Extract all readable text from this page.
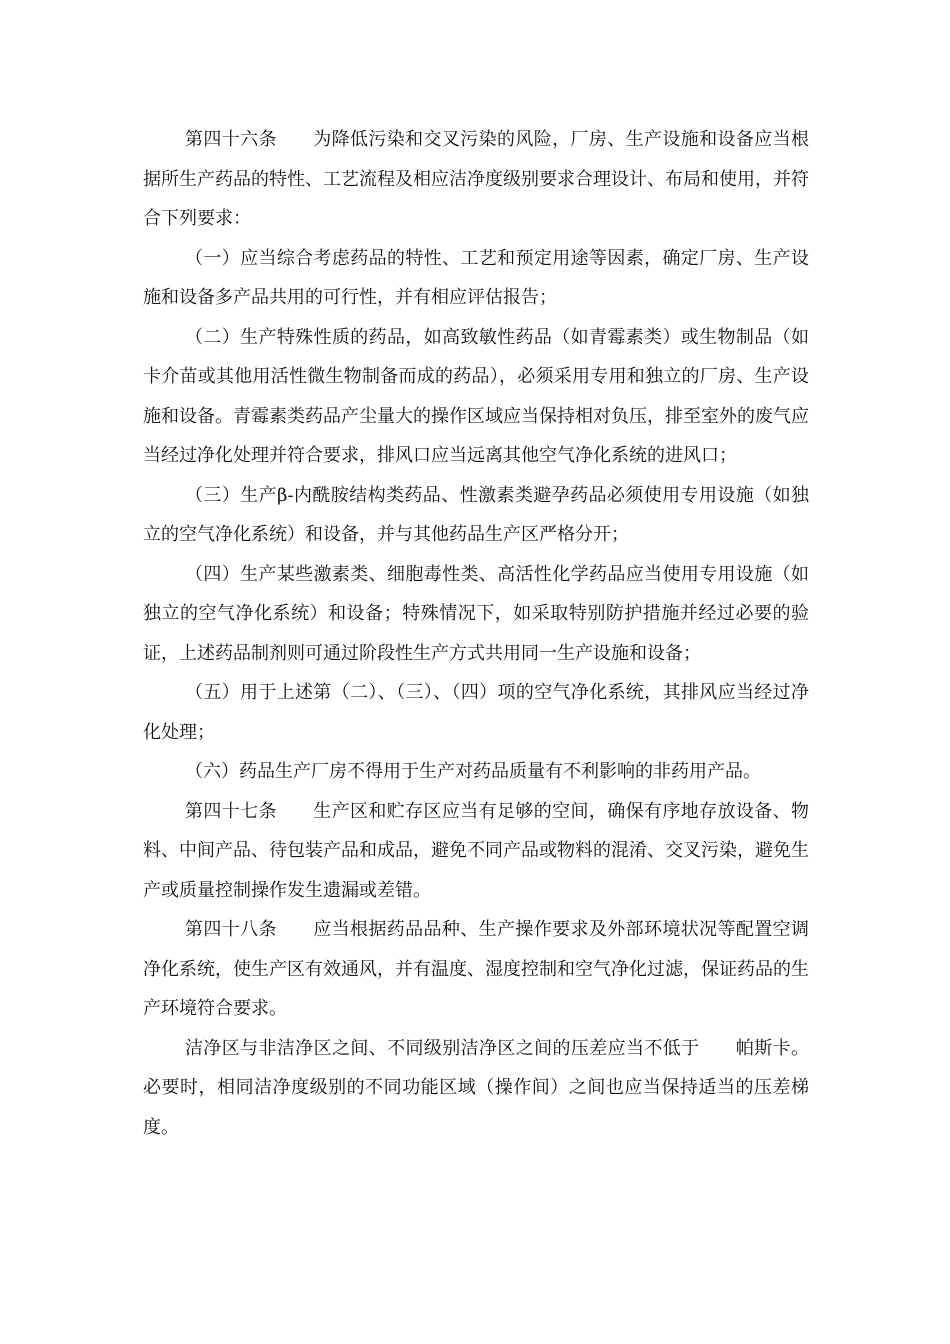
第四十六条 为降低污染和交叉污染的风险，厂房、生产设施和设备应当根据所生产药品的特性、工艺流程及相应洁净度级别要求合理设计、布局和使用，并符合下列要求：

（一）应当综合考虑药品的特性、工艺和预定用途等因素，确定厂房、生产设施和设备多产品共用的可行性，并有相应评估报告；

（二）生产特殊性质的药品，如高致敏性药品（如青霉素类）或生物制品（如卡介苗或其他用活性微生物制备而成的药品），必须采用专用和独立的厂房、生产设施和设备。青霉素类药品产尘量大的操作区域应当保持相对负压，排至室外的废气应当经过净化处理并符合要求，排风口应当远离其他空气净化系统的进风口；

（三）生产β-内酰胺结构类药品、性激素类避孕药品必须使用专用设施（如独立的空气净化系统）和设备，并与其他药品生产区严格分开；

（四）生产某些激素类、细胞毒性类、高活性化学药品应当使用专用设施（如独立的空气净化系统）和设备；特殊情况下，如采取特别防护措施并经过必要的验证，上述药品制剂则可通过阶段性生产方式共用同一生产设施和设备；

（五）用于上述第（二）、（三）、（四）项的空气净化系统，其排风应当经过净化处理；

（六）药品生产厂房不得用于生产对药品质量有不利影响的非药用产品。

第四十七条 生产区和贮存区应当有足够的空间，确保有序地存放设备、物料、中间产品、待包装产品和成品，避免不同产品或物料的混淆、交叉污染，避免生产或质量控制操作发生遗漏或差错。

第四十八条 应当根据药品品种、生产操作要求及外部环境状况等配置空调净化系统，使生产区有效通风，并有温度、湿度控制和空气净化过滤，保证药品的生产环境符合要求。

洁净区与非洁净区之间、不同级别洁净区之间的压差应当不低于 帕斯卡。必要时，相同洁净度级别的不同功能区域（操作间）之间也应当保持适当的压差梯度。
